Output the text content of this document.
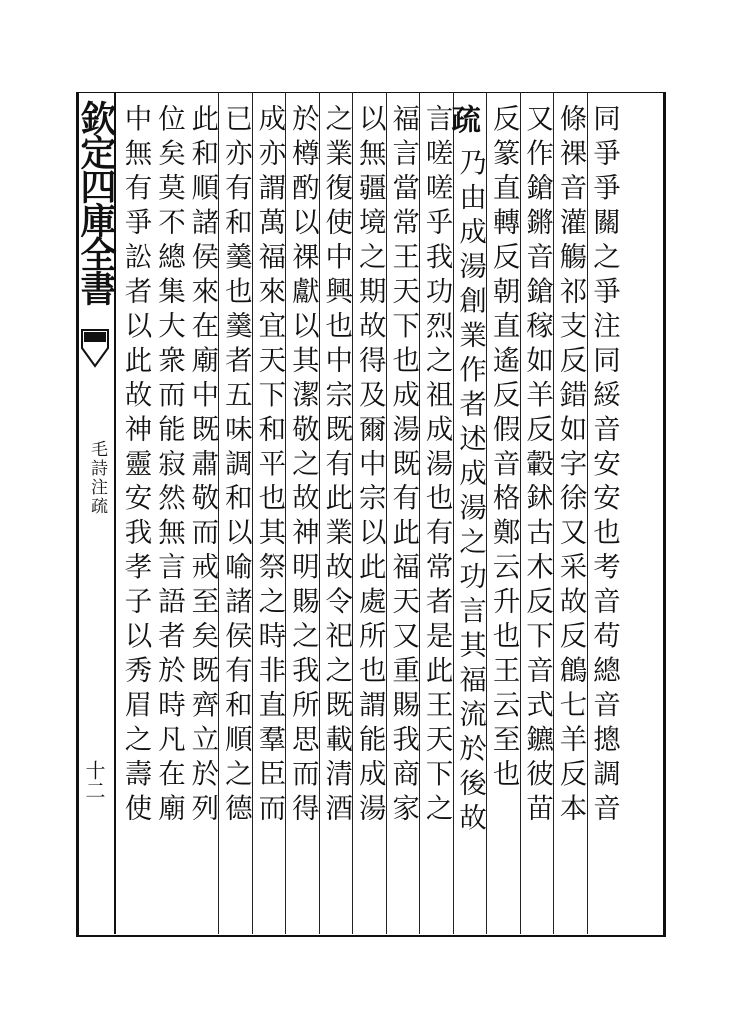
欽定四庫全書
毛詩注疏
十二	同爭爭關之爭注同綏音安安也考音苟總音摠調音
條祼音灌觴祁支反錯如字徐又采故反鶬七羊反本
又作鎗鏘音鎗稼如羊反轂鉥古木反下音式鑣彼苗
反篆直轉反朝直遙反假音格鄭云升也王云至也
乃由成湯創業作者述成湯之功言其福流於後故
言嗟嗟乎我功烈之祖成湯也有常者是此王天下之
福言當常王天下也成湯既有此福天又重賜我商家
以無疆境之期故得及爾中宗以此處所也謂能成湯
之業復使中興也中宗既有此業故令祀之既載清酒
於樽酌以祼獻以其潔敬之故神明賜之我所思而得
成亦謂萬福來宜天下和平也其祭之時非直羣臣而
已亦有和羹也羹者五味調和以喻諸侯有和順之德
此和順諸侯來在廟中既肅敬而戒至矣既齊立於列
位矣莫不總集大衆而能寂然無言語者於時凡在廟
中無有爭訟者以此故神靈安我孝子以秀眉之壽使	疏
